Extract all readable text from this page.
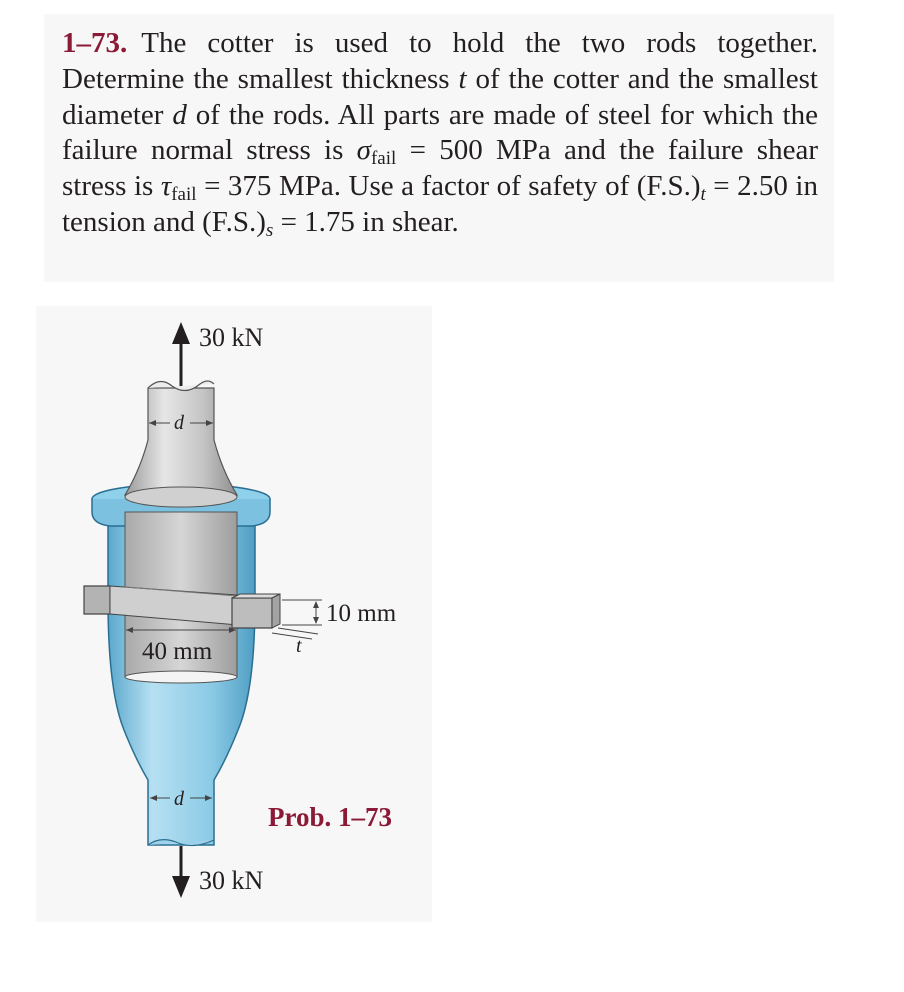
1–73. The cotter is used to hold the two rods together. Determine the smallest thickness t of the cotter and the smallest diameter d of the rods. All parts are made of steel for which the failure normal stress is $\sigma_{fail} = 500$ MPa and the failure shear stress is $\tau_{fail} = 375$ MPa. Use a factor of safety of $(F.S.)_t = 2.50$ in tension and $(F.S.)_s = 1.75$ in shear.

30 kN
10 mm
t
40 mm
d
d
30 kN
Prob. 1–73
